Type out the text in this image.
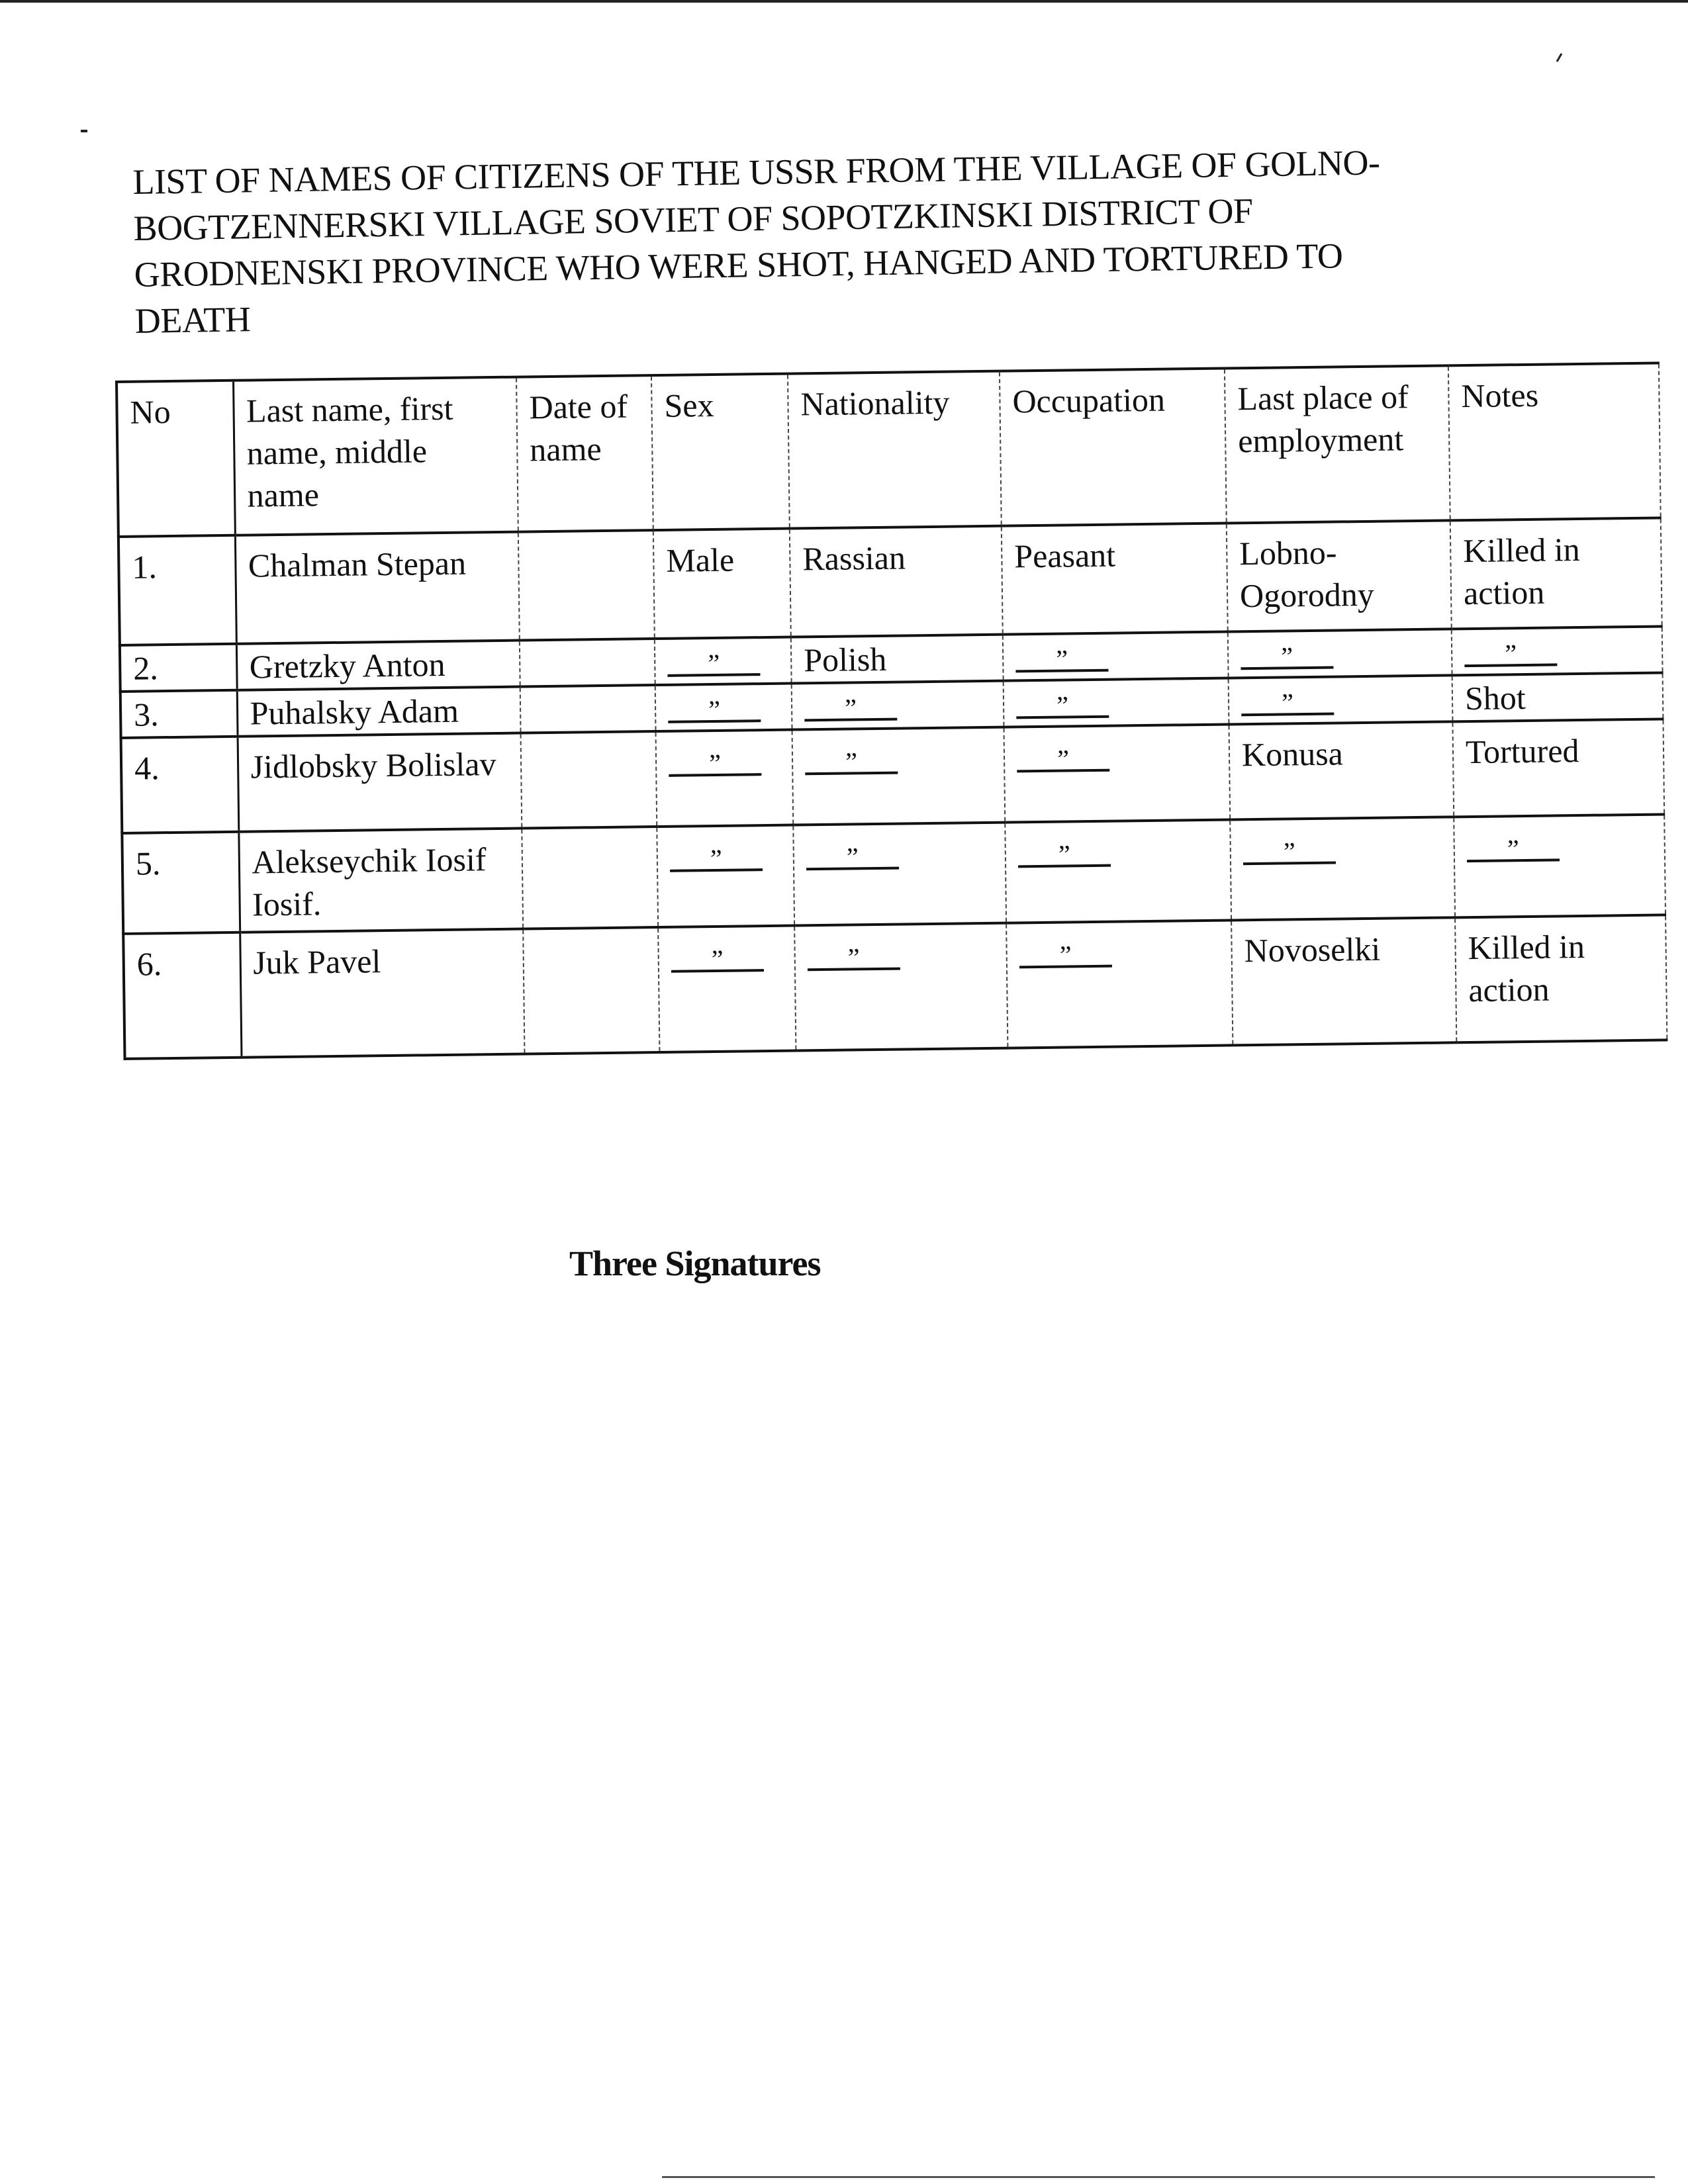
LIST OF NAMES OF CITIZENS OF THE USSR FROM THE VILLAGE OF GOLNO-
BOGTZENNERSKI VILLAGE SOVIET OF SOPOTZKINSKI DISTRICT OF
GRODNENSKI PROVINCE WHO WERE SHOT, HANGED AND TORTURED TO
DEATH
No	Last name, first name, middle name	Date of name	Sex	Nationality	Occupation	Last place of employment	Notes
1.	Chalman Stepan		Male	Rassian	Peasant	Lobno-Ogorodny	Killed in action
2.	Gretzky Anton		”	Polish	”	”	”
3.	Puhalsky Adam		”	”	”	”	Shot
4.	Jidlobsky Bolislav		”	”	”	Konusa	Tortured
5.	Alekseychik Iosif Iosif.		”	”	”	”	”
6.	Juk Pavel		”	”	”	Novoselki	Killed in action
Three Signatures
